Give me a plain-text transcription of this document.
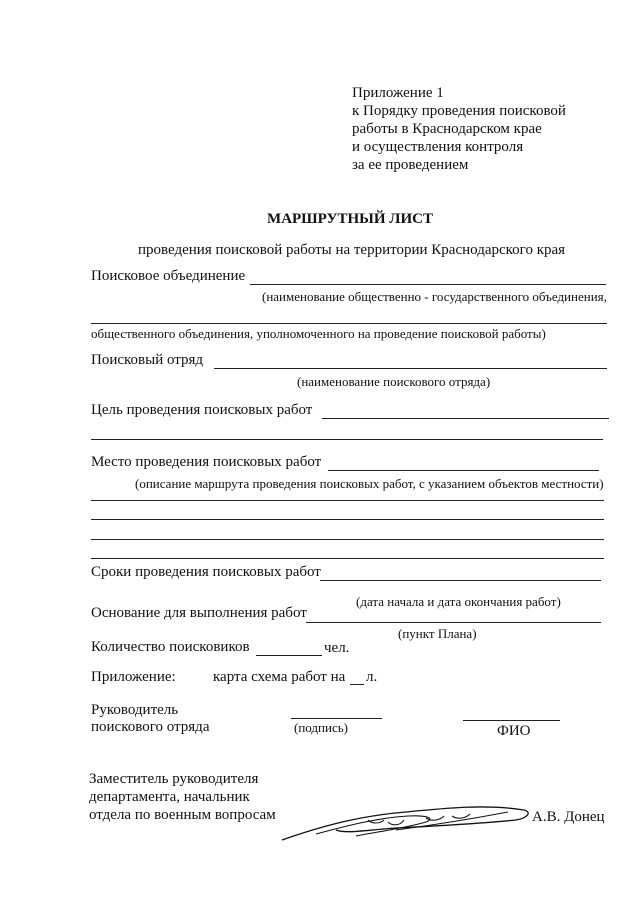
Приложение 1
к Порядку проведения поисковой
работы в Краснодарском крае
и осуществления контроля
за ее проведением
МАРШРУТНЫЙ ЛИСТ
проведения поисковой работы на территории Краснодарского края
Поисковое объединение
(наименование общественно - государственного объединения,
общественного объединения, уполномоченного на проведение поисковой работы)
Поисковый отряд
(наименование поискового отряда)
Цель проведения поисковых работ
Место проведения поисковых работ
(описание маршрута проведения поисковых работ, с указанием объектов местности)
Сроки проведения поисковых работ
(дата начала и дата окончания работ)
Основание для выполнения работ
(пункт Плана)
Количество поисковиков	чел.
Приложение: карта схема работ на л.
Руководитель
поискового отряда	(подпись)	ФИО
Заместитель руководителя
департамента, начальник
отдела по военным вопросам	А.В. Донец
